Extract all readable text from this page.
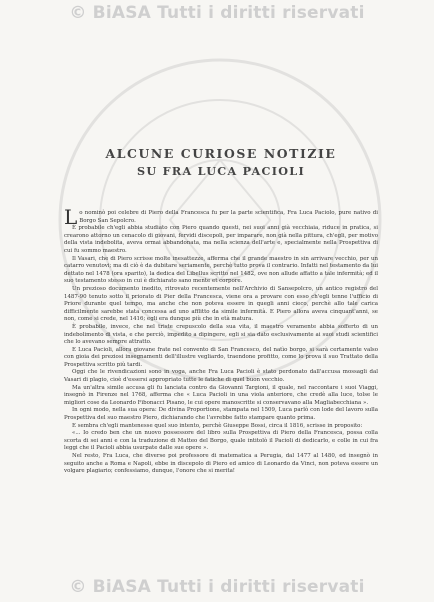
© BiASA Tutti i diritti riservati
ALCUNE CURIOSE NOTIZIE
SU FRA LUCA PACIOLI

Lo nominò poi celebre di Piero della Francesca fu per la parte scientifica, Fra Luca Paciolo, pure nativo di Borgo San Sepolcro.

È probabile ch'egli abbia studiato con Piero quando questi, nei suoi anni già vecchiaia, riduce in pratica, si crearono attorno un cenacolo di giovani, fervidi discepoli, per imparare, non già nella pittura, ch'egli, per motivo della vista indebolita, aveva ormai abbandonata, ma nella scienza dell'arte e, specialmente nella Prospettiva di cui fu sommo maestro.

Il Vasari, che di Piero scrisse molte inesattezze, afferma che il grande maestro in sin arrivare vecchio, per un catarro venutovi; ma di ciò è da dubitare seriamente, perchè tutto prova il contrario. Infatti nel testamento da lui dettato nel 1478 (ora sparito), la dedica del Libellus scritto nel 1482, ove non allude affatto a tale infermità; ed il suo testamento stesso in cui è dichiarato sano mente et corpore.

Un prezioso documento inedito, ritrovato recentemente nell'Archivio di Sansepolcro, un antico registro del 1487-90 tenuto sotto il priorato di Pier della Francesca, viene ora a provare con esso ch'egli tenne l'ufficio di Priore durante quel tempo, ma anche che non poteva essere in quegli anni cieco, perchè allo tale carica difficilmente sarebbe stata concessa ad uno afflitto da simile infermità. E Piero allora aveva cinquant'anni, se non, come si crede, nel 1416; egli era dunque più che in età matura.

È probabile, invece, che nel triste crepuscolo della sua vita, il maestro veramente abbia sofferto di un indebolimento di vista, e che perciò, impedito a dipingere, egli si sia dato esclusivamente ai suoi studi scientifici che lo avevano sempre attratto.

E Luca Pacioli, allora giovane frate nel convento di San Francesco, del natìo borgo, si sarà certamente valso con gioia dei preziosi insegnamenti dell'illustre vegliardo, traendone profitto, come lo prova il suo Trattato della Prospettiva scritto più tardi.

Oggi che le rivendicazioni sono in voga, anche Fra Luca Pacioli è stato perdonato dall'accusa mossagli dal Vasari di plagio, cioè d'essersi appropriato tutte le fatiche di quel buon vecchio.

Ma un'altra simile accusa gli fu lanciata contro da Giovanni Targioni, il quale, nel raccontare i suoi Viaggi, insegnò in Firenze nel 1768, afferma che « Luca Pacioli in una viola anteriore, che credè alla luce, tolse le migliori cose da Leonardo Fibonacci Pisano, le cui opere manoscritte si conservavano alla Magliabecchiana ».

In ogni modo, nella sua opera: De divina Proportione, stampata nel 1509, Luca parlò con lode del lavoro sulla Prospettiva del suo maestro Piero, dichiarando che l'avrebbe fatto stampare quanto prima.

E sembra ch'egli mantenesse quel suo intento, perchè Giuseppe Bossi, circa il 1816, scrisse in proposito:

«... Io credo ben che un nuovo possessore del libro sulla Prospettiva di Piero della Francesca, possa colla scorta di sei anni e con la traduzione di Matteo del Borgo, quale intitolò il Pacioli di dedicarlo, e colle in cui fra leggi che il Pacioli abbia usurpate dalle sue opere ».

Nel resto, Fra Luca, che diverse poi professore di matematica a Perugia, dal 1477 al 1480, ed insegnò in seguito anche a Roma e Napoli, ebbe in discepolo di Piero ed amico di Leonardo da Vinci, non poteva essere un volgare plagiario; confessiamo, dunque, l'onore che si merita!

© BiASA Tutti i diritti riservati
